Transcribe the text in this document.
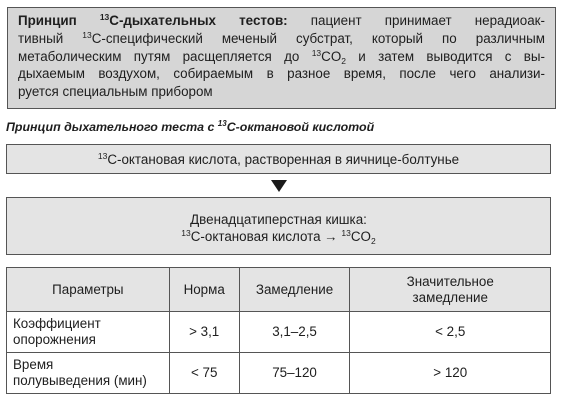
Принцип $^{13}$С-дыхательных тестов: пациент принимает нерадиоак-
тивный $^{13}$С-специфический меченый субстрат, который по различным
метаболическим путям расщепляется до $^{13}CO_2$ и затем выводится с вы-
дыхаемым воздухом, собираемым в разное время, после чего анализи-
руется специальным прибором
Принцип дыхательного теста с $^{13}$С-октановой кислотой
$^{13}$С-октановая кислота, растворенная в яичнице-болтунье
Двенадцатиперстная кишка:
$^{13}$С-октановая кислота → $^{13}CO_2$
Параметры	Норма	Замедление	Значительное
замедление
Коэффициент
опорожнения	> 3,1	3,1–2,5	< 2,5
Время
полувыведения (мин)	< 75	75–120	> 120
